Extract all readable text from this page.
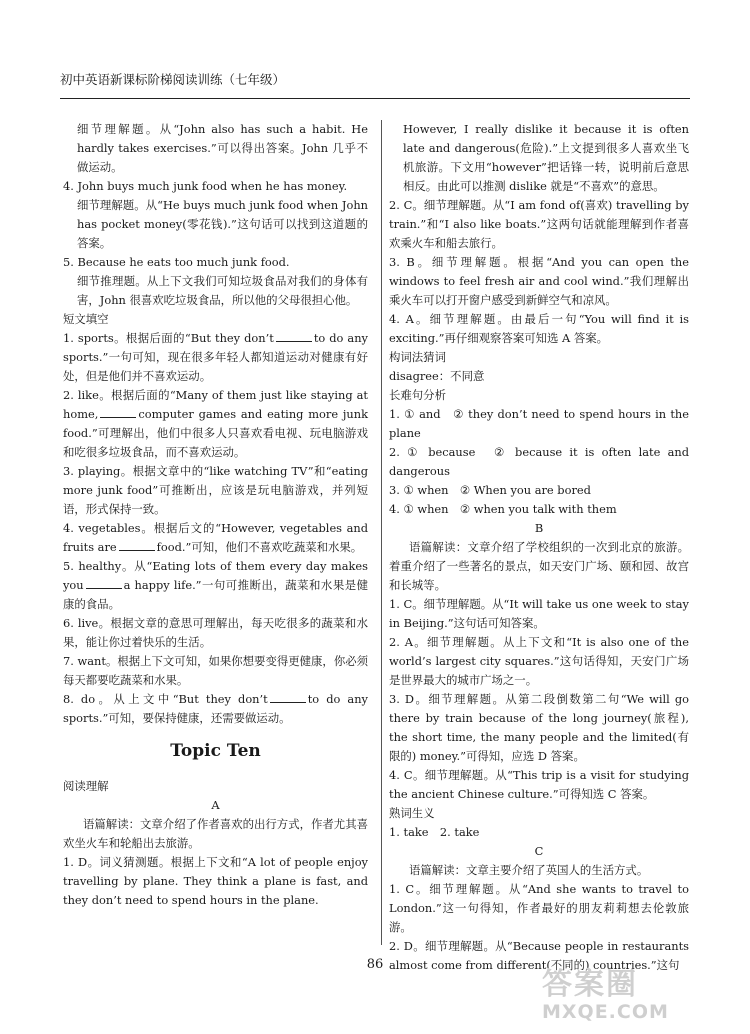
初中英语新课标阶梯阅读训练（七年级）

细节理解题。从“John also has such a habit. He hardly takes exercises.”可以得出答案。John 几乎不做运动。

4. John buys much junk food when he has money.

细节理解题。从“He buys much junk food when John has pocket money(零花钱).”这句话可以找到这道题的答案。

5. Because he eats too much junk food.

细节推理题。从上下文我们可知垃圾食品对我们的身体有害，John 很喜欢吃垃圾食品，所以他的父母很担心他。

短文填空

1. sports。根据后面的“But they don’t	to do any sports.”一句可知，现在很多年轻人都知道运动对健康有好处，但是他们并不喜欢运动。

2. like。根据后面的“Many of them just like staying at home,	computer games and eating more junk food.”可理解出，他们中很多人只喜欢看电视、玩电脑游戏和吃很多垃圾食品，而不喜欢运动。

3. playing。根据文章中的“like watching TV”和“eating more junk food”可推断出，应该是玩电脑游戏，并列短语，形式保持一致。

4. vegetables。根据后文的“However, vegetables and fruits are	food.”可知，他们不喜欢吃蔬菜和水果。

5. healthy。从“Eating lots of them every day makes you	a happy life.”一句可推断出，蔬菜和水果是健康的食品。

6. live。根据文章的意思可理解出，每天吃很多的蔬菜和水果，能让你过着快乐的生活。

7. want。根据上下文可知，如果你想要变得更健康，你必须每天都要吃蔬菜和水果。

8. do。从上文中“But they don’t	to do any sports.”可知，要保持健康，还需要做运动。

Topic Ten

阅读理解

A

语篇解读：文章介绍了作者喜欢的出行方式，作者尤其喜欢坐火车和轮船出去旅游。

1. D。词义猜测题。根据上下文和“A lot of people enjoy travelling by plane. They think a plane is fast, and they don’t need to spend hours in the plane.

However, I really dislike it because it is often late and dangerous(危险).”上文提到很多人喜欢坐飞机旅游。下文用“however”把话锋一转，说明前后意思相反。由此可以推测 dislike 就是“不喜欢”的意思。

2. C。细节理解题。从“I am fond of(喜欢) travelling by train.”和“I also like boats.”这两句话就能理解到作者喜欢乘火车和船去旅行。

3. B。细节理解题。根据“And you can open the windows to feel fresh air and cool wind.”我们理解出乘火车可以打开窗户感受到新鲜空气和凉风。

4. A。细节理解题。由最后一句“You will find it is exciting.”再仔细观察答案可知选 A 答案。

构词法猜词

disagree：不同意

长难句分析

1. ① and　② they don’t need to spend hours in the plane

2. ① because　② because it is often late and dangerous

3. ① when　② When you are bored

4. ① when　② when you talk with them

B

语篇解读：文章介绍了学校组织的一次到北京的旅游。着重介绍了一些著名的景点，如天安门广场、颐和园、故宫和长城等。

1. C。细节理解题。从“It will take us one week to stay in Beijing.”这句话可知答案。

2. A。细节理解题。从上下文和“It is also one of the world’s largest city squares.”这句话得知，天安门广场是世界最大的城市广场之一。

3. D。细节理解题。从第二段倒数第二句“We will go there by train because of the long journey(旅程), the short time, the many people and the limited(有限的) money.”可得知，应选 D 答案。

4. C。细节理解题。从“This trip is a visit for studying the ancient Chinese culture.”可得知选 C 答案。

熟词生义

1. take　2. take

C

语篇解读：文章主要介绍了英国人的生活方式。

1. C。细节理解题。从“And she wants to travel to London.”这一句得知，作者最好的朋友莉莉想去伦敦旅游。

2. D。细节理解题。从“Because people in restaurants almost come from different(不同的) countries.”这句

86
答案圈
MXQE.COM
